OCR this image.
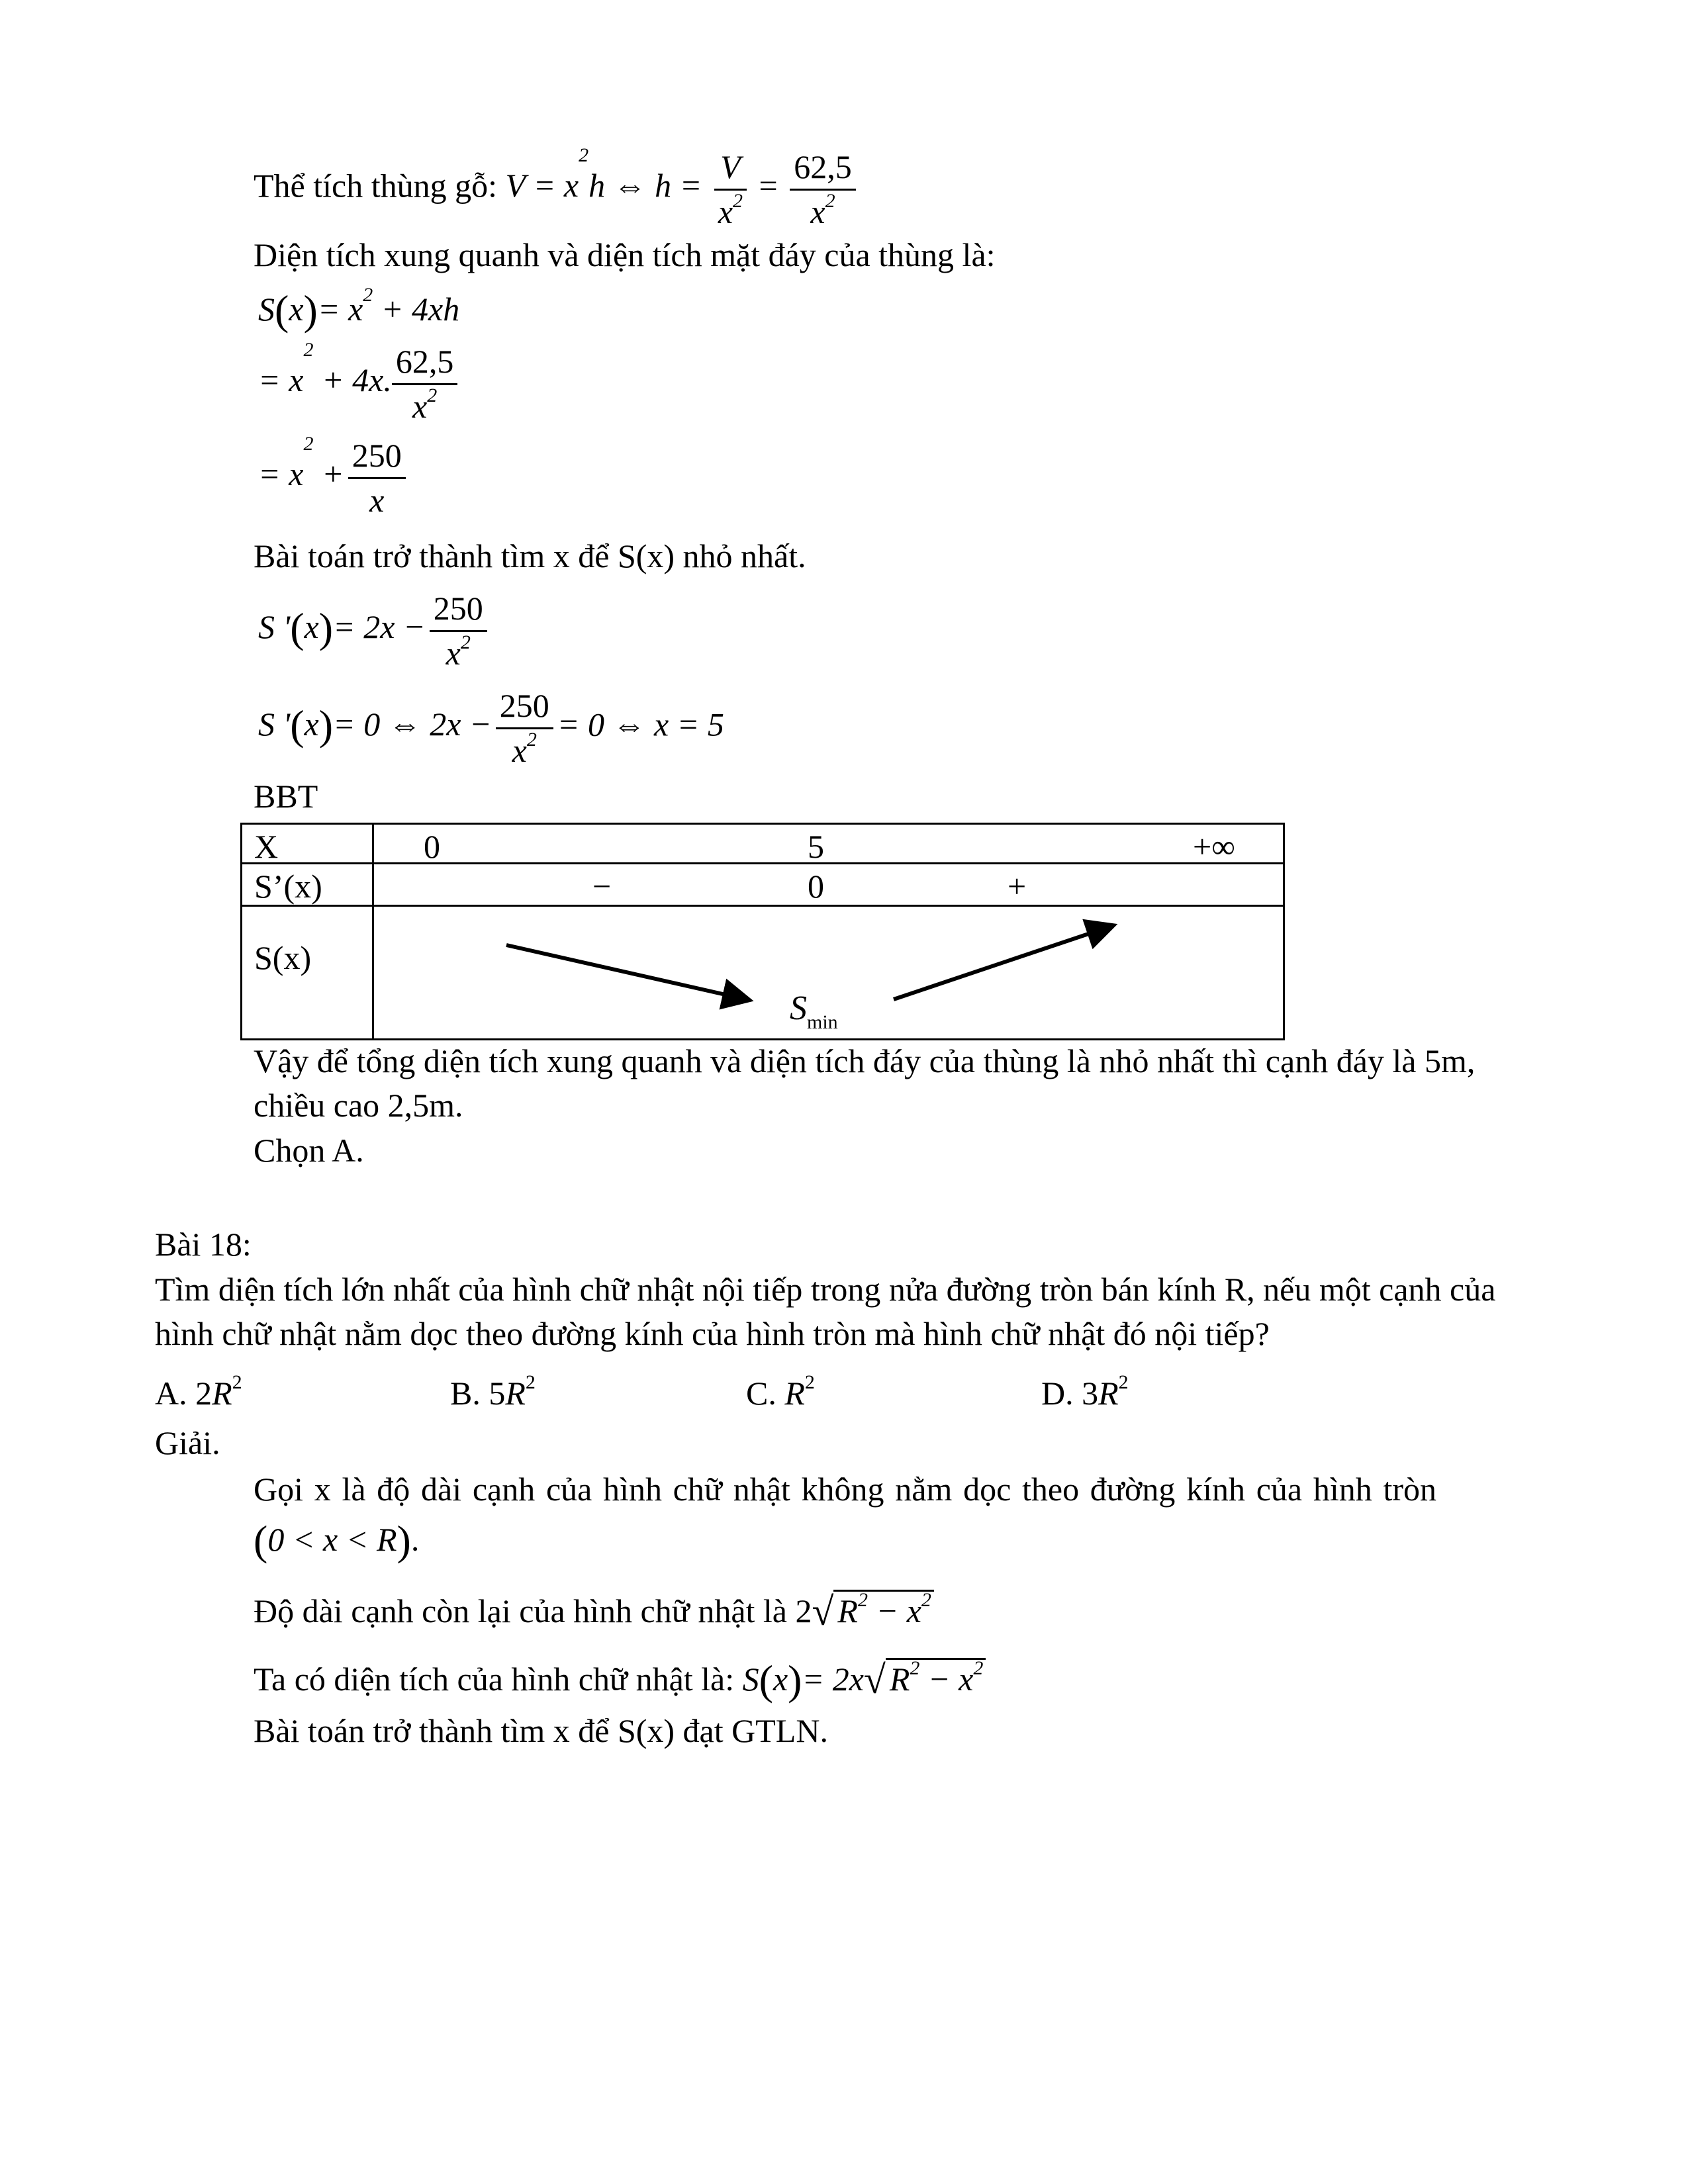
Thể tích thùng gỗ: $V = x^2h$ ⇔ $h = \frac{V}{x^2} = \frac{62,5}{x^2}$
Diện tích xung quanh và diện tích mặt đáy của thùng là:
$S(x)= x^2 + 4xh$
= $x^2 + 4x$. $\frac{62,5}{x^2}$
= $x^2 + \frac{250}{x}$
Bài toán trở thành tìm x để S(x) nhỏ nhất.
S '$(x)= 2x - \frac{250}{x^2}$
S '(x)= 0 ⇔ $2x - \frac{250}{x^2} = 0$ ⇔ x = 5
BBT
X	0 5 +∞

S’(x)	− 0 +

S(x)	$S_{min}$
Vậy để tổng diện tích xung quanh và diện tích đáy của thùng là nhỏ nhất thì cạnh đáy là 5m,
chiều cao 2,5m.
Chọn A.
Bài 18:
Tìm diện tích lớn nhất của hình chữ nhật nội tiếp trong nửa đường tròn bán kính R, nếu một cạnh của
hình chữ nhật nằm dọc theo đường kính của hình tròn mà hình chữ nhật đó nội tiếp?
A. $2R^2$	B. $5R^2$	C. $R^2$	D. $3R^2$
Giải.
Gọi x là độ dài cạnh của hình chữ nhật không nằm dọc theo đường kính của hình tròn
(0 < x < R).
Độ dài cạnh còn lại của hình chữ nhật là 2√ $R^2 - x^2$
Ta có diện tích của hình chữ nhật là: S(x)= 2x√ $R^2 - x^2$
Bài toán trở thành tìm x để S(x) đạt GTLN.
